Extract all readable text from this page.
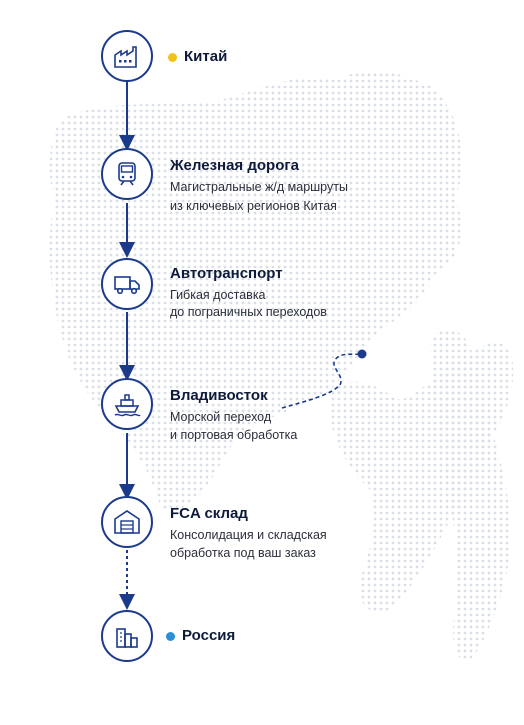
Китай
Железная дорога
Магистральные ж/д маршруты
из ключевых регионов Китая
Автотранспорт
Гибкая доставка
до пограничных переходов
Владивосток
Морской переход
и портовая обработка
FCA склад
Консолидация и складская
обработка под ваш заказ
Россия
